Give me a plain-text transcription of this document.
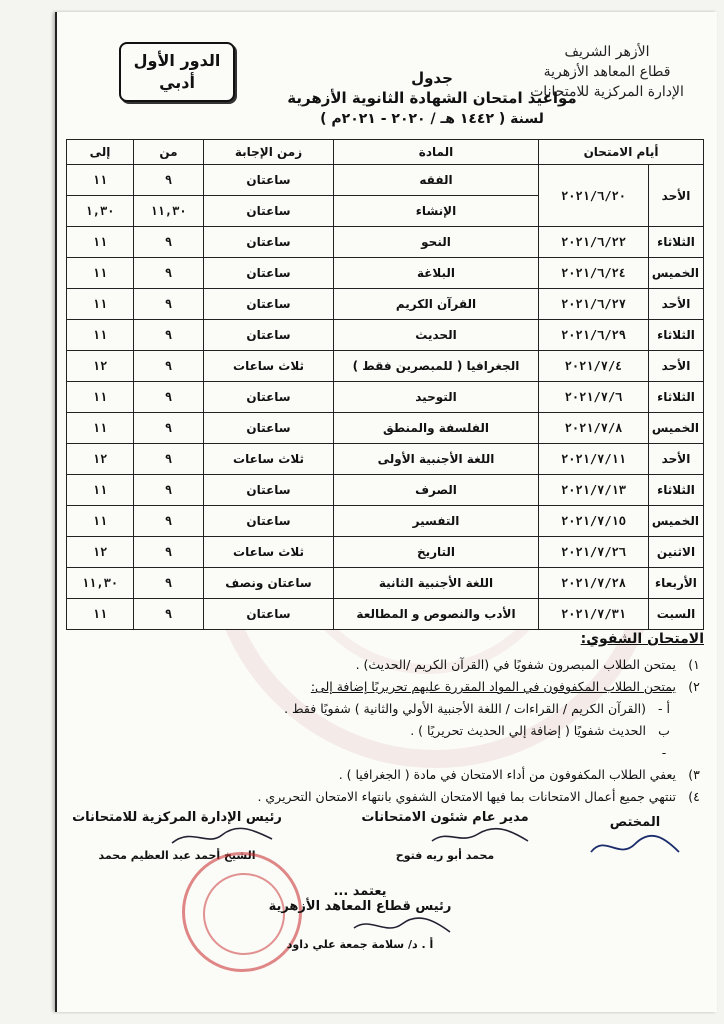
الدور الأول
أدبي
الأزهر الشريف
قطاع المعاهد الأزهرية
الإدارة المركزية للامتحانات
جدول
مواعيد امتحان الشهادة الثانوية الأزهرية
لسنة ( ١٤٤٢ هـ / ٢٠٢٠ - ٢٠٢١م )
أيام الامتحان		المادة	زمن الإجابة	من	إلى
الأحد	٢٠٢١/٦/٢٠	الفقه	ساعتان	٩	١١
		الإنشاء	ساعتان	١١,٣٠	١,٣٠
الثلاثاء	٢٠٢١/٦/٢٢	النحو	ساعتان	٩	١١
الخميس	٢٠٢١/٦/٢٤	البلاغة	ساعتان	٩	١١
الأحد	٢٠٢١/٦/٢٧	القرآن الكريم	ساعتان	٩	١١
الثلاثاء	٢٠٢١/٦/٢٩	الحديث	ساعتان	٩	١١
الأحد	٢٠٢١/٧/٤	الجغرافيا ( للمبصرين فقط )	ثلاث ساعات	٩	١٢
الثلاثاء	٢٠٢١/٧/٦	التوحيد	ساعتان	٩	١١
الخميس	٢٠٢١/٧/٨	الفلسفة والمنطق	ساعتان	٩	١١
الأحد	٢٠٢١/٧/١١	اللغة الأجنبية الأولى	ثلاث ساعات	٩	١٢
الثلاثاء	٢٠٢١/٧/١٣	الصرف	ساعتان	٩	١١
الخميس	٢٠٢١/٧/١٥	التفسير	ساعتان	٩	١١
الاثنين	٢٠٢١/٧/٢٦	التاريخ	ثلاث ساعات	٩	١٢
الأربعاء	٢٠٢١/٧/٢٨	اللغة الأجنبية الثانية	ساعتان ونصف	٩	١١,٣٠
السبت	٢٠٢١/٧/٣١	الأدب والنصوص و المطالعة	ساعتان	٩	١١
الامتحان الشفوي:
١)
يمتحن الطلاب المبصرون شفويًا في (القرآن الكريم /الحديث) .
٢)
يمتحن الطلاب المكفوفون في المواد المقررة عليهم تحريريًا إضافة إلى:
أ -
(القرآن الكريم / القراءات / اللغة الأجنبية الأولي والثانية ) شفويًا فقط .
ب -
الحديث شفويًا ( إضافة إلي الحديث تحريريًا ) .
٣)
يعفي الطلاب المكفوفون من أداء الامتحان في مادة ( الجغرافيا ) .
٤)
تنتهي جميع أعمال الامتحانات بما فيها الامتحان الشفوي بانتهاء الامتحان التحريري .
رئيس الإدارة المركزية للامتحانات
الشيخ أحمد عبد العظيم محمد
مدير عام شئون الامتحانات
محمد أبو ريه فتوح
المختص
يعتمد ...
رئيس قطاع المعاهد الأزهرية
أ . د/ سلامة جمعة علي داود
